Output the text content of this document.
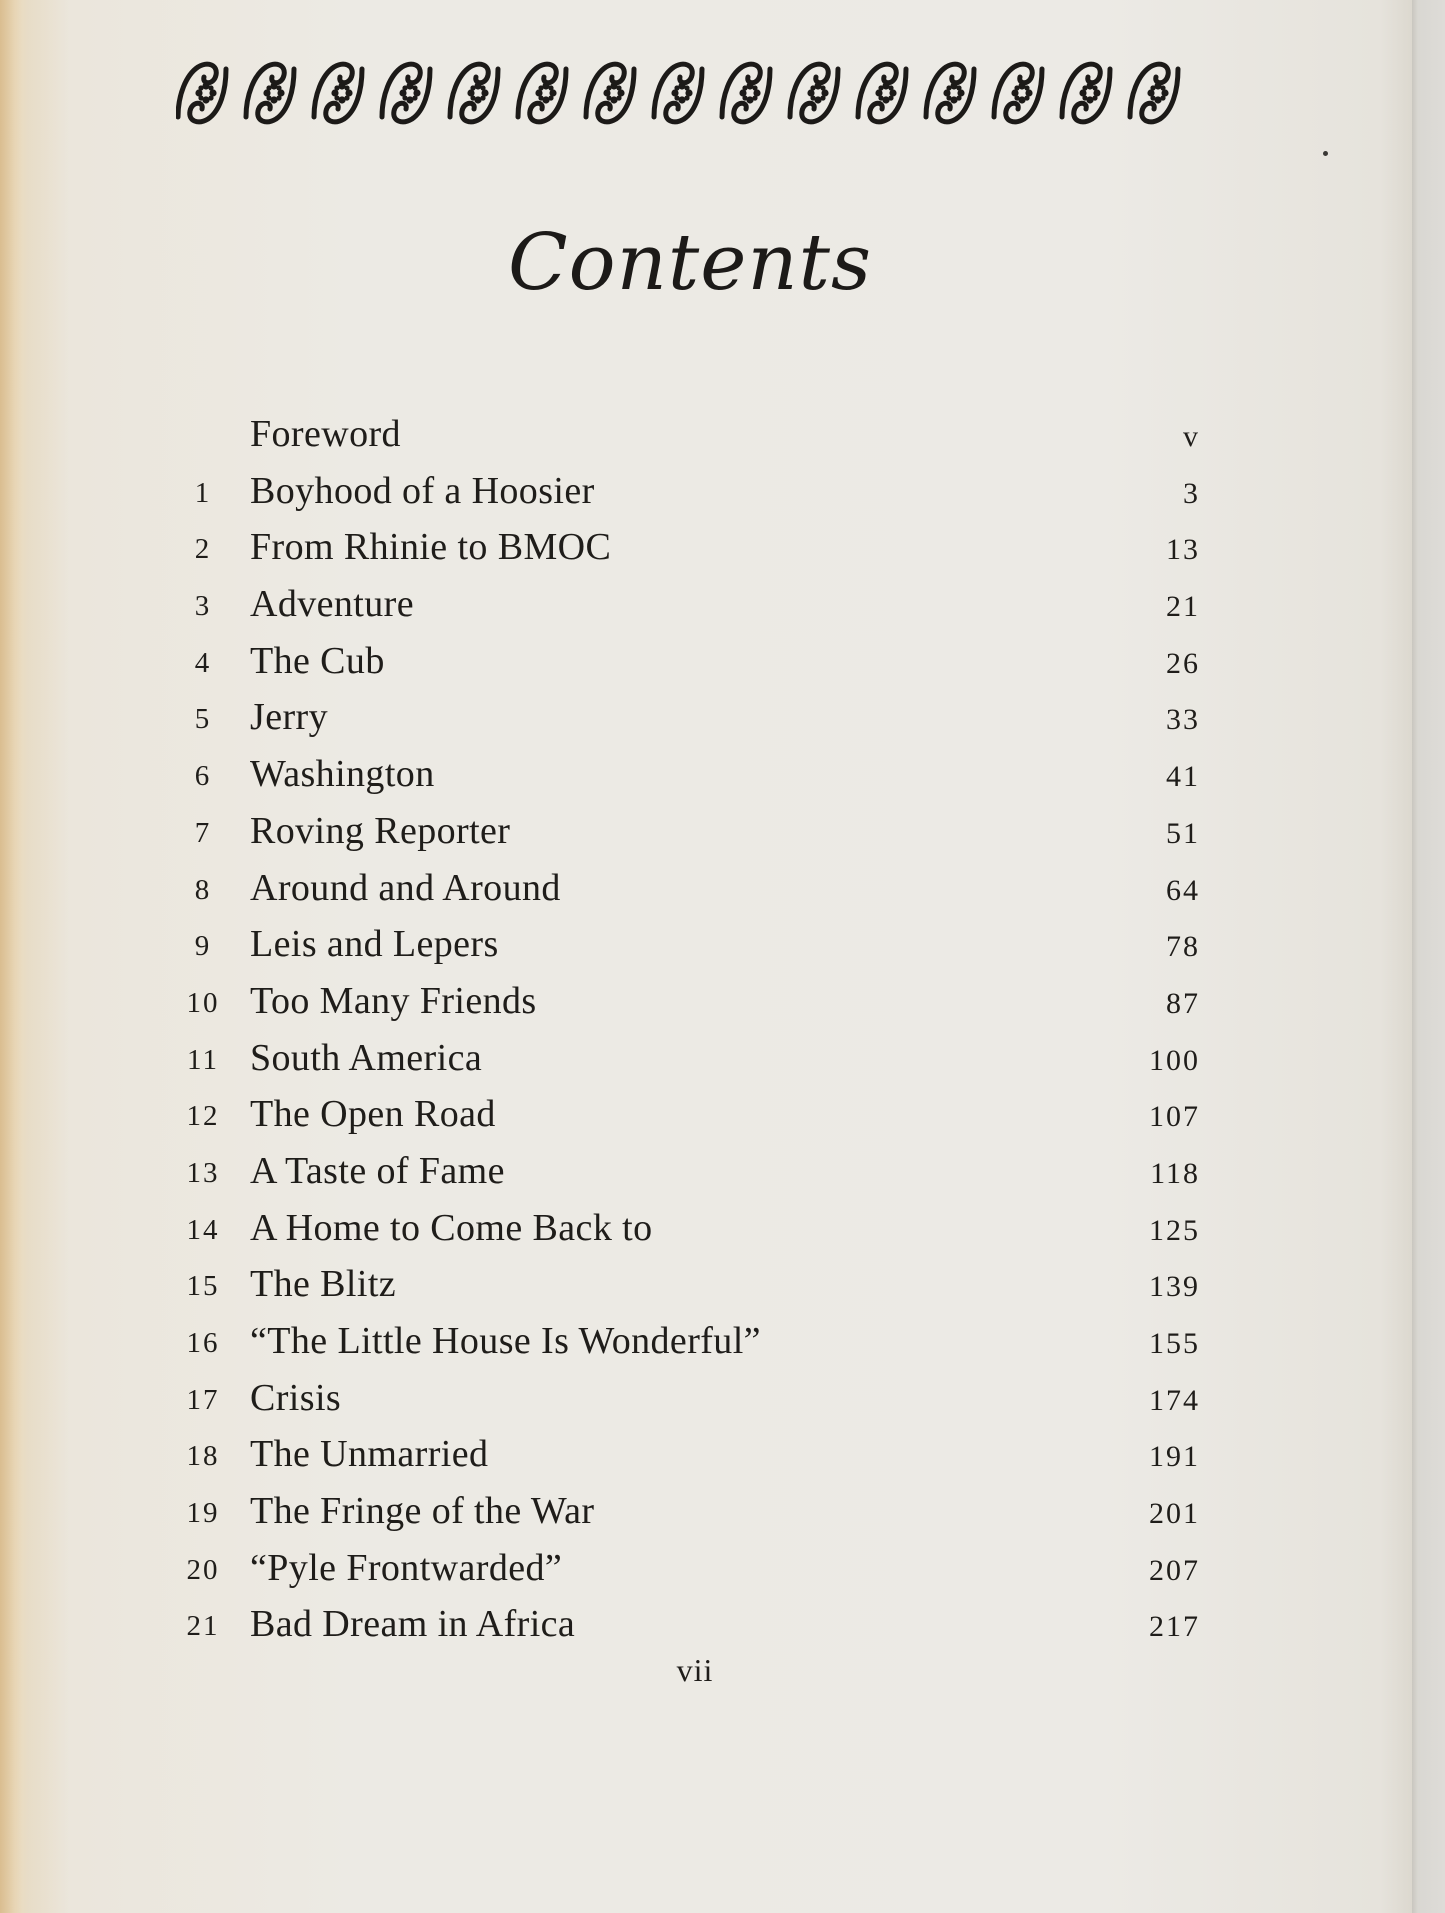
Contents
Foreword	v
1	Boyhood of a Hoosier	3
2	From Rhinie to BMOC	13
3	Adventure	21
4	The Cub	26
5	Jerry	33
6	Washington	41
7	Roving Reporter	51
8	Around and Around	64
9	Leis and Lepers	78
10 Too Many Friends	87
11 South America	100
12 The Open Road	107
13 A Taste of Fame	118
14 A Home to Come Back to	125
15 The Blitz	139
16 “The Little House Is Wonderful”	155
17 Crisis	174
18 The Unmarried	191
19 The Fringe of the War	201
20 “Pyle Frontwarded”	207
21 Bad Dream in Africa	217
vii
